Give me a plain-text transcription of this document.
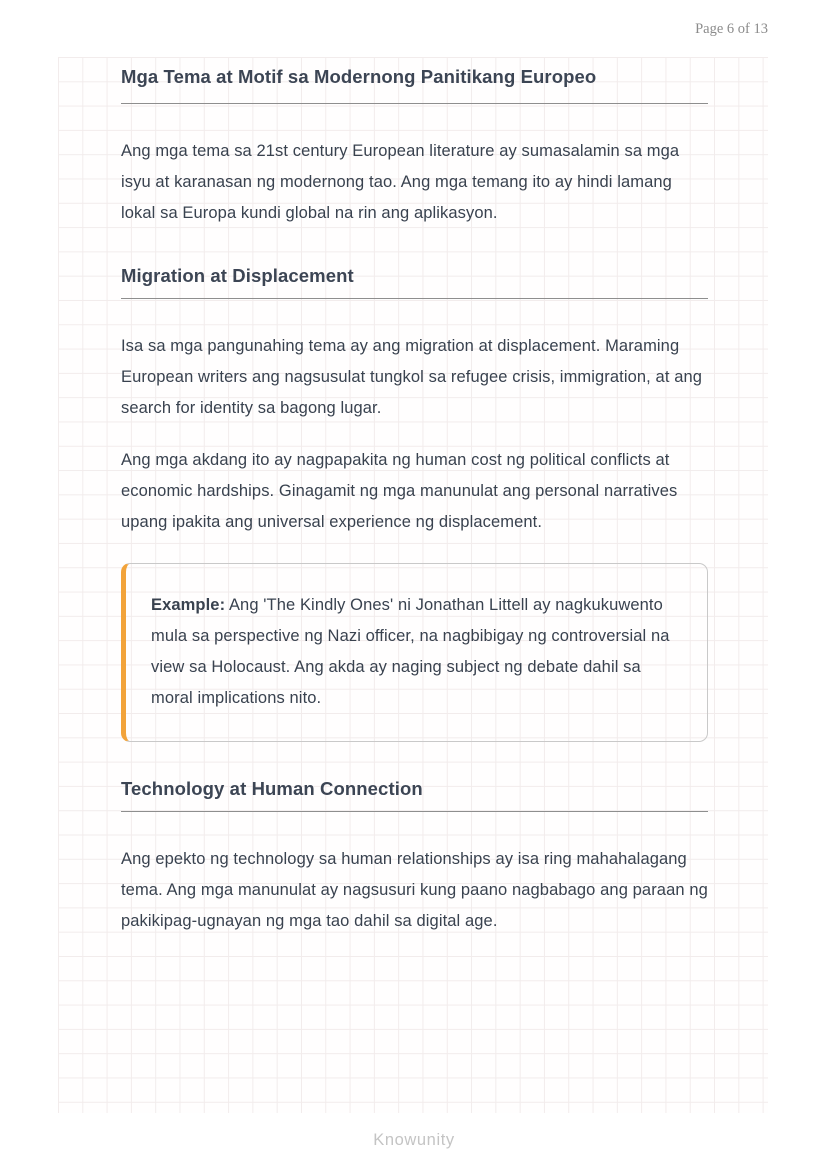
Page 6 of 13
Mga Tema at Motif sa Modernong Panitikang Europeo

Ang mga tema sa 21st century European literature ay sumasalamin sa mga isyu at karanasan ng modernong tao. Ang mga temang ito ay hindi lamang lokal sa Europa kundi global na rin ang aplikasyon.

Migration at Displacement

Isa sa mga pangunahing tema ay ang migration at displacement. Maraming European writers ang nagsusulat tungkol sa refugee crisis, immigration, at ang search for identity sa bagong lugar.

Ang mga akdang ito ay nagpapakita ng human cost ng political conflicts at economic hardships. Ginagamit ng mga manunulat ang personal narratives upang ipakita ang universal experience ng displacement.

Example: Ang 'The Kindly Ones' ni Jonathan Littell ay nagkukuwento mula sa perspective ng Nazi officer, na nagbibigay ng controversial na view sa Holocaust. Ang akda ay naging subject ng debate dahil sa moral implications nito.
Technology at Human Connection

Ang epekto ng technology sa human relationships ay isa ring mahahalagang tema. Ang mga manunulat ay nagsusuri kung paano nagbabago ang paraan ng pakikipag-ugnayan ng mga tao dahil sa digital age.

Knowunity
